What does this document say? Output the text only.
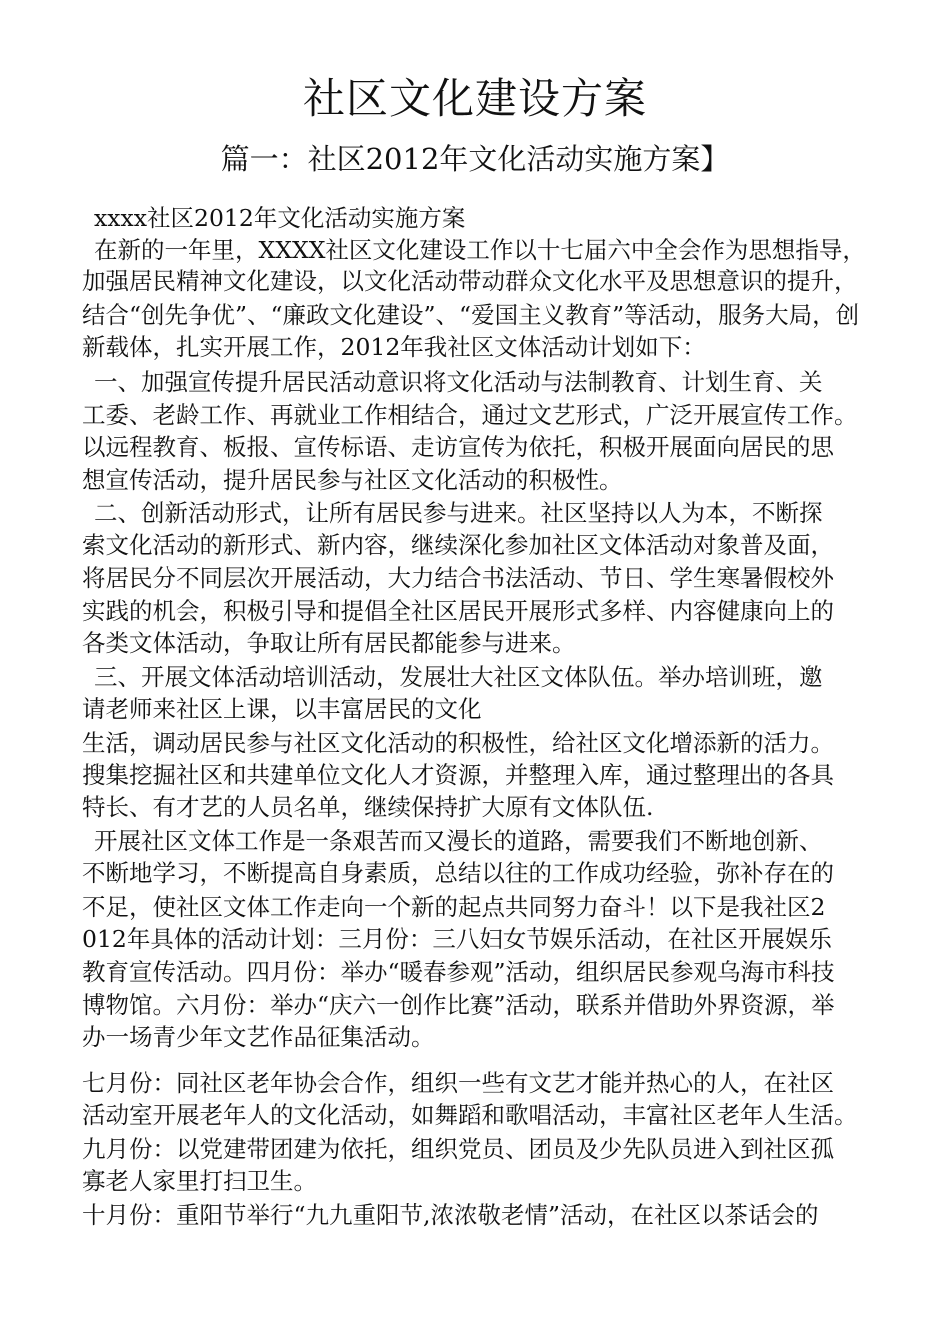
社区文化建设方案
篇一：社区2012年文化活动实施方案】
xxxx社区2012年文化活动实施方案
在新的一年里，XXXX社区文化建设工作以十七届六中全会作为思想指导，
加强居民精神文化建设，以文化活动带动群众文化水平及思想意识的提升，
结合“创先争优”、“廉政文化建设”、“爱国主义教育”等活动，服务大局，创
新载体，扎实开展工作，2012年我社区文体活动计划如下：
一、加强宣传提升居民活动意识将文化活动与法制教育、计划生育、关
工委、老龄工作、再就业工作相结合，通过文艺形式，广泛开展宣传工作。
以远程教育、板报、宣传标语、走访宣传为依托，积极开展面向居民的思
想宣传活动，提升居民参与社区文化活动的积极性。
二、创新活动形式，让所有居民参与进来。社区坚持以人为本，不断探
索文化活动的新形式、新内容，继续深化参加社区文体活动对象普及面，
将居民分不同层次开展活动，大力结合书法活动、节日、学生寒暑假校外
实践的机会，积极引导和提倡全社区居民开展形式多样、内容健康向上的
各类文体活动，争取让所有居民都能参与进来。
三、开展文体活动培训活动，发展壮大社区文体队伍。举办培训班，邀
请老师来社区上课，以丰富居民的文化
生活，调动居民参与社区文化活动的积极性，给社区文化增添新的活力。
搜集挖掘社区和共建单位文化人才资源，并整理入库，通过整理出的各具
特长、有才艺的人员名单，继续保持扩大原有文体队伍.
开展社区文体工作是一条艰苦而又漫长的道路，需要我们不断地创新、
不断地学习，不断提高自身素质，总结以往的工作成功经验，弥补存在的
不足，使社区文体工作走向一个新的起点共同努力奋斗！以下是我社区2
012年具体的活动计划：三月份：三八妇女节娱乐活动，在社区开展娱乐
教育宣传活动。四月份：举办“暖春参观”活动，组织居民参观乌海市科技
博物馆。六月份：举办“庆六一创作比赛”活动，联系并借助外界资源，举
办一场青少年文艺作品征集活动。
七月份：同社区老年协会合作，组织一些有文艺才能并热心的人，在社区
活动室开展老年人的文化活动，如舞蹈和歌唱活动，丰富社区老年人生活。
九月份：以党建带团建为依托，组织党员、团员及少先队员进入到社区孤
寡老人家里打扫卫生。
十月份：重阳节举行“九九重阳节,浓浓敬老情”活动，在社区以茶话会的
